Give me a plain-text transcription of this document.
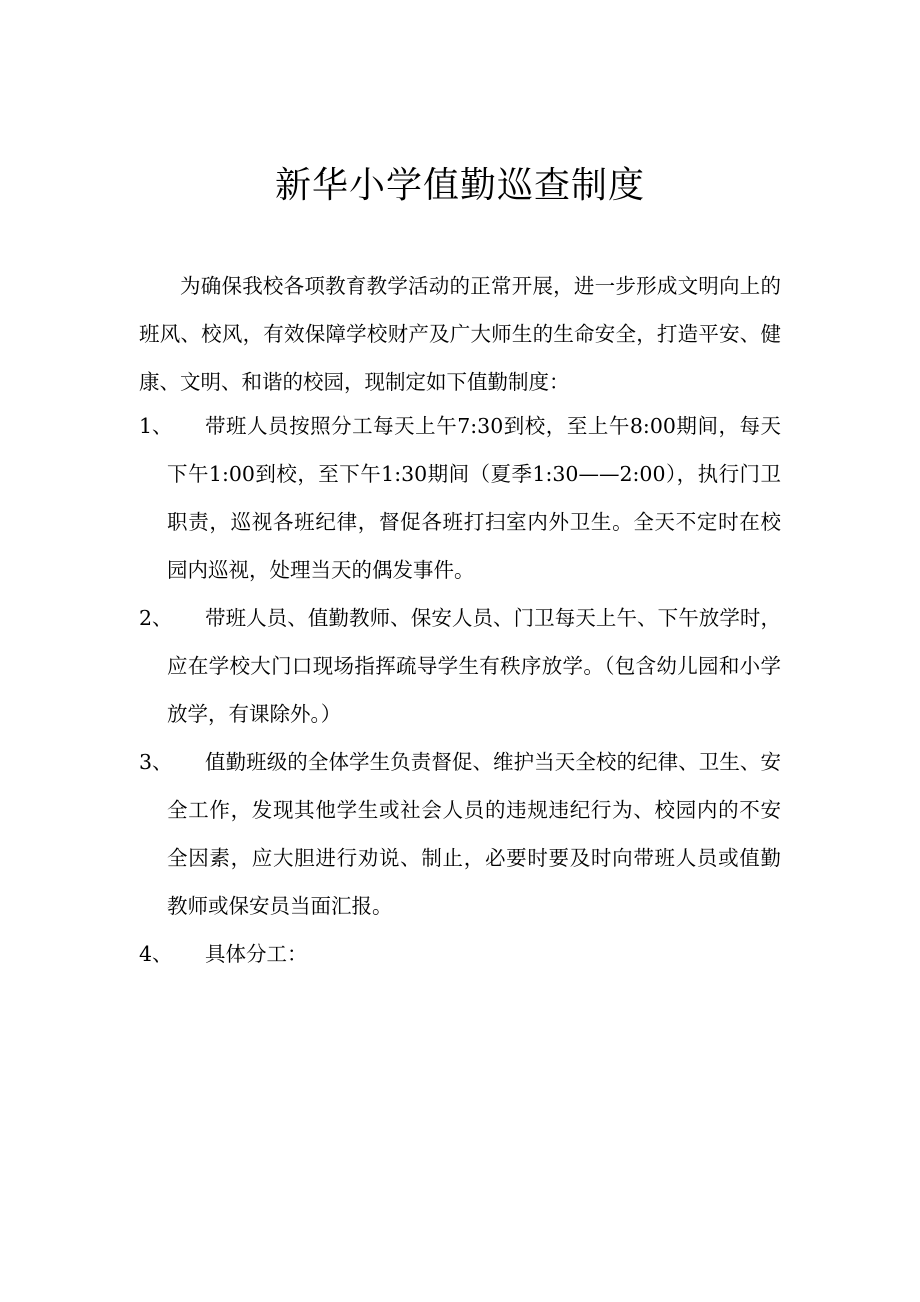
新华小学值勤巡查制度

为确保我校各项教育教学活动的正常开展，进一步形成文明向上的班风、校风，有效保障学校财产及广大师生的生命安全，打造平安、健康、文明、和谐的校园，现制定如下值勤制度：

1、	带班人员按照分工每天上午7:30到校，至上午8:00期间，每天下午1:00到校，至下午1:30期间（夏季1:30——2:00），执行门卫职责，巡视各班纪律，督促各班打扫室内外卫生。全天不定时在校园内巡视，处理当天的偶发事件。
2、	带班人员、值勤教师、保安人员、门卫每天上午、下午放学时，应在学校大门口现场指挥疏导学生有秩序放学。（包含幼儿园和小学放学，有课除外。）
3、	值勤班级的全体学生负责督促、维护当天全校的纪律、卫生、安全工作，发现其他学生或社会人员的违规违纪行为、校园内的不安全因素，应大胆进行劝说、制止，必要时要及时向带班人员或值勤教师或保安员当面汇报。
4、	具体分工：
